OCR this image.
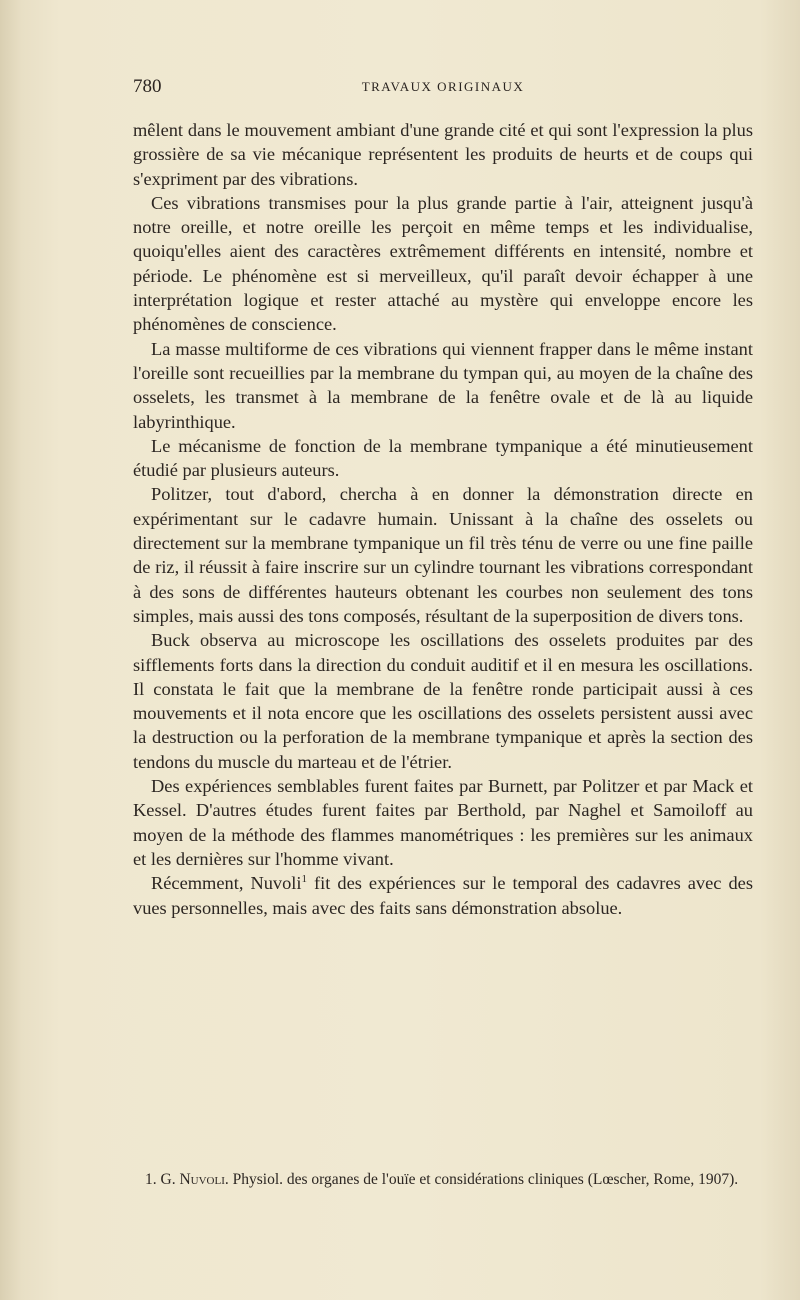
780	TRAVAUX ORIGINAUX

mêlent dans le mouvement ambiant d'une grande cité et qui sont l'expression la plus grossière de sa vie mécanique représentent les produits de heurts et de coups qui s'expriment par des vibrations.

Ces vibrations transmises pour la plus grande partie à l'air, atteignent jusqu'à notre oreille, et notre oreille les perçoit en même temps et les individualise, quoiqu'elles aient des caractères extrêmement différents en intensité, nombre et période. Le phénomène est si merveilleux, qu'il paraît devoir échapper à une interprétation logique et rester attaché au mystère qui enveloppe encore les phénomènes de conscience.

La masse multiforme de ces vibrations qui viennent frapper dans le même instant l'oreille sont recueillies par la membrane du tympan qui, au moyen de la chaîne des osselets, les transmet à la membrane de la fenêtre ovale et de là au liquide labyrinthique.

Le mécanisme de fonction de la membrane tympanique a été minutieusement étudié par plusieurs auteurs.

Politzer, tout d'abord, chercha à en donner la démonstration directe en expérimentant sur le cadavre humain. Unissant à la chaîne des osselets ou directement sur la membrane tympanique un fil très ténu de verre ou une fine paille de riz, il réussit à faire inscrire sur un cylindre tournant les vibrations correspondant à des sons de différentes hauteurs obtenant les courbes non seulement des tons simples, mais aussi des tons composés, résultant de la superposition de divers tons.

Buck observa au microscope les oscillations des osselets produites par des sifflements forts dans la direction du conduit auditif et il en mesura les oscillations. Il constata le fait que la membrane de la fenêtre ronde participait aussi à ces mouvements et il nota encore que les oscillations des osselets persistent aussi avec la destruction ou la perforation de la membrane tympanique et après la section des tendons du muscle du marteau et de l'étrier.

Des expériences semblables furent faites par Burnett, par Politzer et par Mack et Kessel. D'autres études furent faites par Berthold, par Naghel et Samoiloff au moyen de la méthode des flammes manométriques : les premières sur les animaux et les dernières sur l'homme vivant.

Récemment, Nuvoli$^1$ fit des expériences sur le temporal des cadavres avec des vues personnelles, mais avec des faits sans démonstration absolue.

1. G. Nuvoli. Physiol. des organes de l'ouïe et considérations cliniques (Lœscher, Rome, 1907).
